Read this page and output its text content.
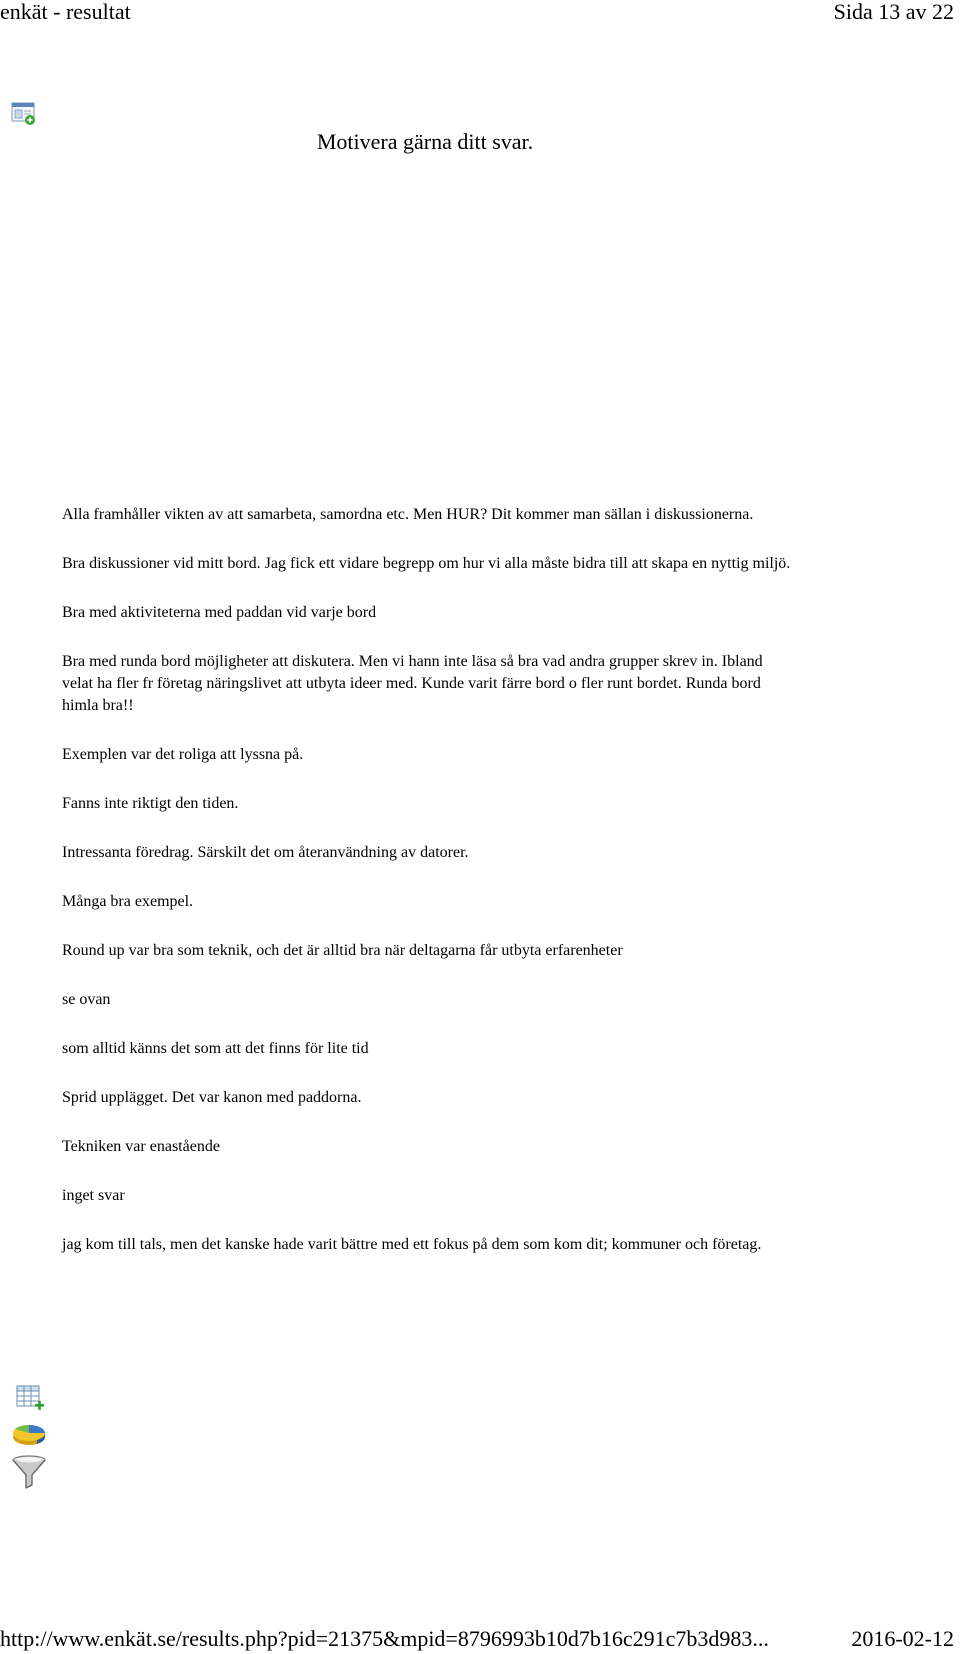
enkät - resultat	Sida 13 av 22
Motivera gärna ditt svar.
Alla framhåller vikten av att samarbeta, samordna etc. Men HUR? Dit kommer man sällan i diskussionerna.
Bra diskussioner vid mitt bord. Jag fick ett vidare begrepp om hur vi alla måste bidra till att skapa en nyttig miljö.
Bra med aktiviteterna med paddan vid varje bord
Bra med runda bord möjligheter att diskutera. Men vi hann inte läsa så bra vad andra grupper skrev in. Ibland velat ha fler fr företag näringslivet att utbyta ideer med. Kunde varit färre bord o fler runt bordet. Runda bord himla bra!!
Exemplen var det roliga att lyssna på.
Fanns inte riktigt den tiden.
Intressanta föredrag. Särskilt det om återanvändning av datorer.
Många bra exempel.
Round up var bra som teknik, och det är alltid bra när deltagarna får utbyta erfarenheter
se ovan
som alltid känns det som att det finns för lite tid
Sprid upplägget. Det var kanon med paddorna.
Tekniken var enastående
inget svar
jag kom till tals, men det kanske hade varit bättre med ett fokus på dem som kom dit; kommuner och företag.
http://www.enkät.se/results.php?pid=21375&mpid=8796993b10d7b16c291c7b3d983...	2016-02-12
